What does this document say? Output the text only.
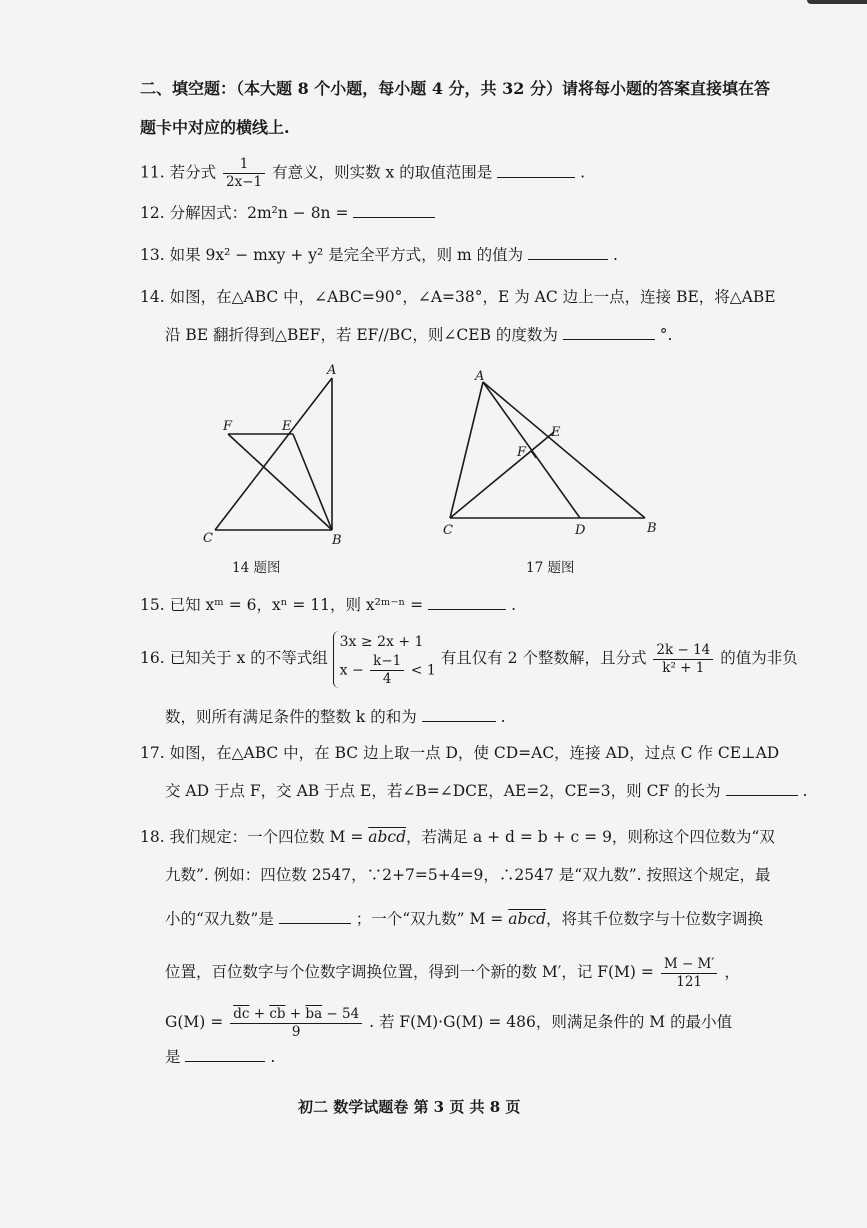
二、填空题：（本大题 8 个小题，每小题 4 分，共 32 分）请将每小题的答案直接填在答
题卡中对应的横线上.
11. 若分式 $\frac{1}{2x-1}$ 有意义，则实数 x 的取值范围是	.
12. 分解因式：2m²n − 8n =
13. 如果 9x² − mxy + y² 是完全平方式，则 m 的值为	.
14. 如图，在△ABC 中，∠ABC=90°，∠A=38°，E 为 AC 边上一点，连接 BE，将△ABE
沿 BE 翻折得到△BEF，若 EF//BC，则∠CEB 的度数为	°.
A
B
C
E
F
14 题图
A
B
C	D
E
F
17 题图
15. 已知 xᵐ = 6，xⁿ = 11，则 x²ᵐ⁻ⁿ =	.
16. 已知关于 x 的不等式组
3x ≥ 2x + 1
$x - \frac{k-1}{4} < 1$
有且仅有 2 个整数解，且分式 $\frac{2k - 14}{\text{k² + 1}}$ 的值为非负
数，则所有满足条件的整数 k 的和为	.
17. 如图，在△ABC 中，在 BC 边上取一点 D，使 CD=AC，连接 AD，过点 C 作 CE⊥AD
交 AD 于点 F，交 AB 于点 E，若∠B=∠DCE，AE=2，CE=3，则 CF 的长为	.
18. 我们规定：一个四位数 M = abcd，若满足 a + d = b + c = 9，则称这个四位数为“双
九数”. 例如：四位数 2547，∵2+7=5+4=9，∴2547 是“双九数”. 按照这个规定，最
小的“双九数”是	；一个“双九数” M = abcd，将其千位数字与十位数字调换
位置，百位数字与个位数字调换位置，得到一个新的数 M′，记 $F(M) = \frac{M - M'}{121}$ ，
$G(M) = \frac{\overline{dc} + \overline{cb} + \overline{ba} - 54}{9}$ . 若 F(M)·G(M) = 486，则满足条件的 M 的最小值
是	.
初二 数学试题卷 第 3 页 共 8 页
